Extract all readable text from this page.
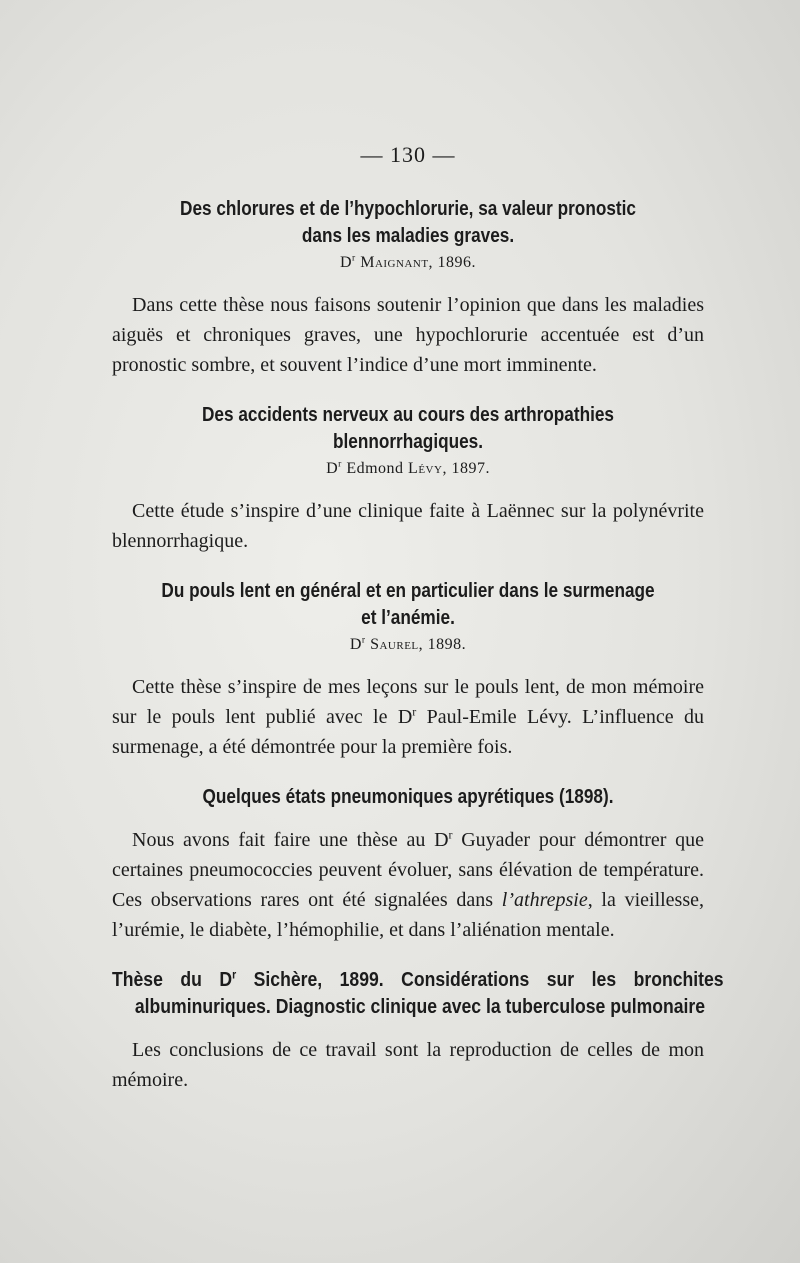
— 130 —

Des chlorures et de l’hypochlorurie, sa valeur pronostic
dans les maladies graves.

$D^r$ Maignant, 1896.

Dans cette thèse nous faisons soutenir l’opinion que dans les maladies aiguës et chroniques graves, une hypochlorurie accentuée est d’un pronostic sombre, et souvent l’indice d’une mort imminente.

Des accidents nerveux au cours des arthropathies
blennorrhagiques.

$D^r$ Edmond Lévy, 1897.

Cette étude s’inspire d’une clinique faite à Laënnec sur la polynévrite blennorrhagique.

Du pouls lent en général et en particulier dans le surmenage
et l’anémie.

$D^r$ Saurel, 1898.

Cette thèse s’inspire de mes leçons sur le pouls lent, de mon mémoire sur le pouls lent publié avec le $D^r$ Paul-Emile Lévy. L’influence du surmenage, a été démontrée pour la première fois.

Quelques états pneumoniques apyrétiques (1898).

Nous avons fait faire une thèse au $D^r$ Guyader pour démontrer que certaines pneumococcies peuvent évoluer, sans élévation de température. Ces observations rares ont été signalées dans l’athrepsie, la vieillesse, l’urémie, le diabète, l’hémophilie, et dans l’aliénation mentale.

Thèse du $D^r$ Sichère, 1899. Considérations sur les bronchites albuminuriques. Diagnostic clinique avec la tuberculose pulmonaire

Les conclusions de ce travail sont la reproduction de celles de mon mémoire.
